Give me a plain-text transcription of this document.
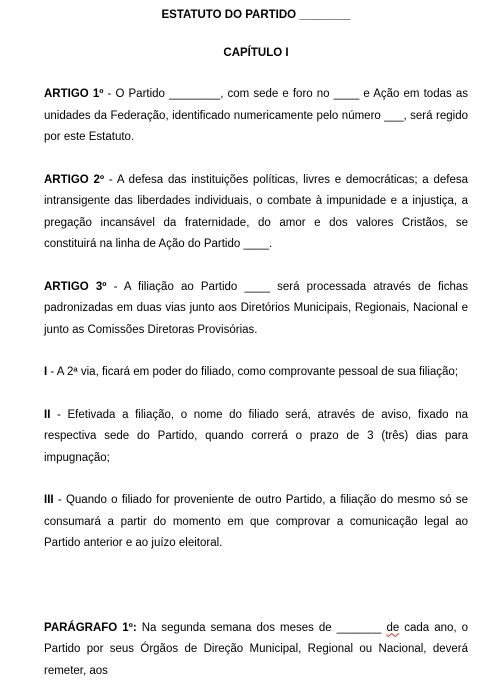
ESTATUTO DO PARTIDO ________

CAPÍTULO I

ARTIGO 1º - O Partido ________, com sede e foro no ____ e Ação em todas as unidades da Federação, identificado numericamente pelo número ___, será regido por este Estatuto.

ARTIGO 2º - A defesa das instituições políticas, livres e democráticas; a defesa intransigente das liberdades individuais, o combate à impunidade e a injustiça, a pregação incansável da fraternidade, do amor e dos valores Cristãos, se constituirá na linha de Ação do Partido ____.

ARTIGO 3º - A filiação ao Partido ____ será processada através de fichas padronizadas em duas vias junto aos Diretórios Municipais, Regionais, Nacional e junto as Comissões Diretoras Provisórias.

I - A 2ª via, ficará em poder do filiado, como comprovante pessoal de sua filiação;

II - Efetivada a filiação, o nome do filiado será, através de aviso, fixado na respectiva sede do Partido, quando correrá o prazo de 3 (três) dias para impugnação;

III - Quando o filiado for proveniente de outro Partido, a filiação do mesmo só se consumará a partir do momento em que comprovar a comunicação legal ao Partido anterior e ao juízo eleitoral.

PARÁGRAFO 1º: Na segunda semana dos meses de _______ de cada ano, o Partido por seus Órgãos de Direção Municipal, Regional ou Nacional, deverá remeter, aos
